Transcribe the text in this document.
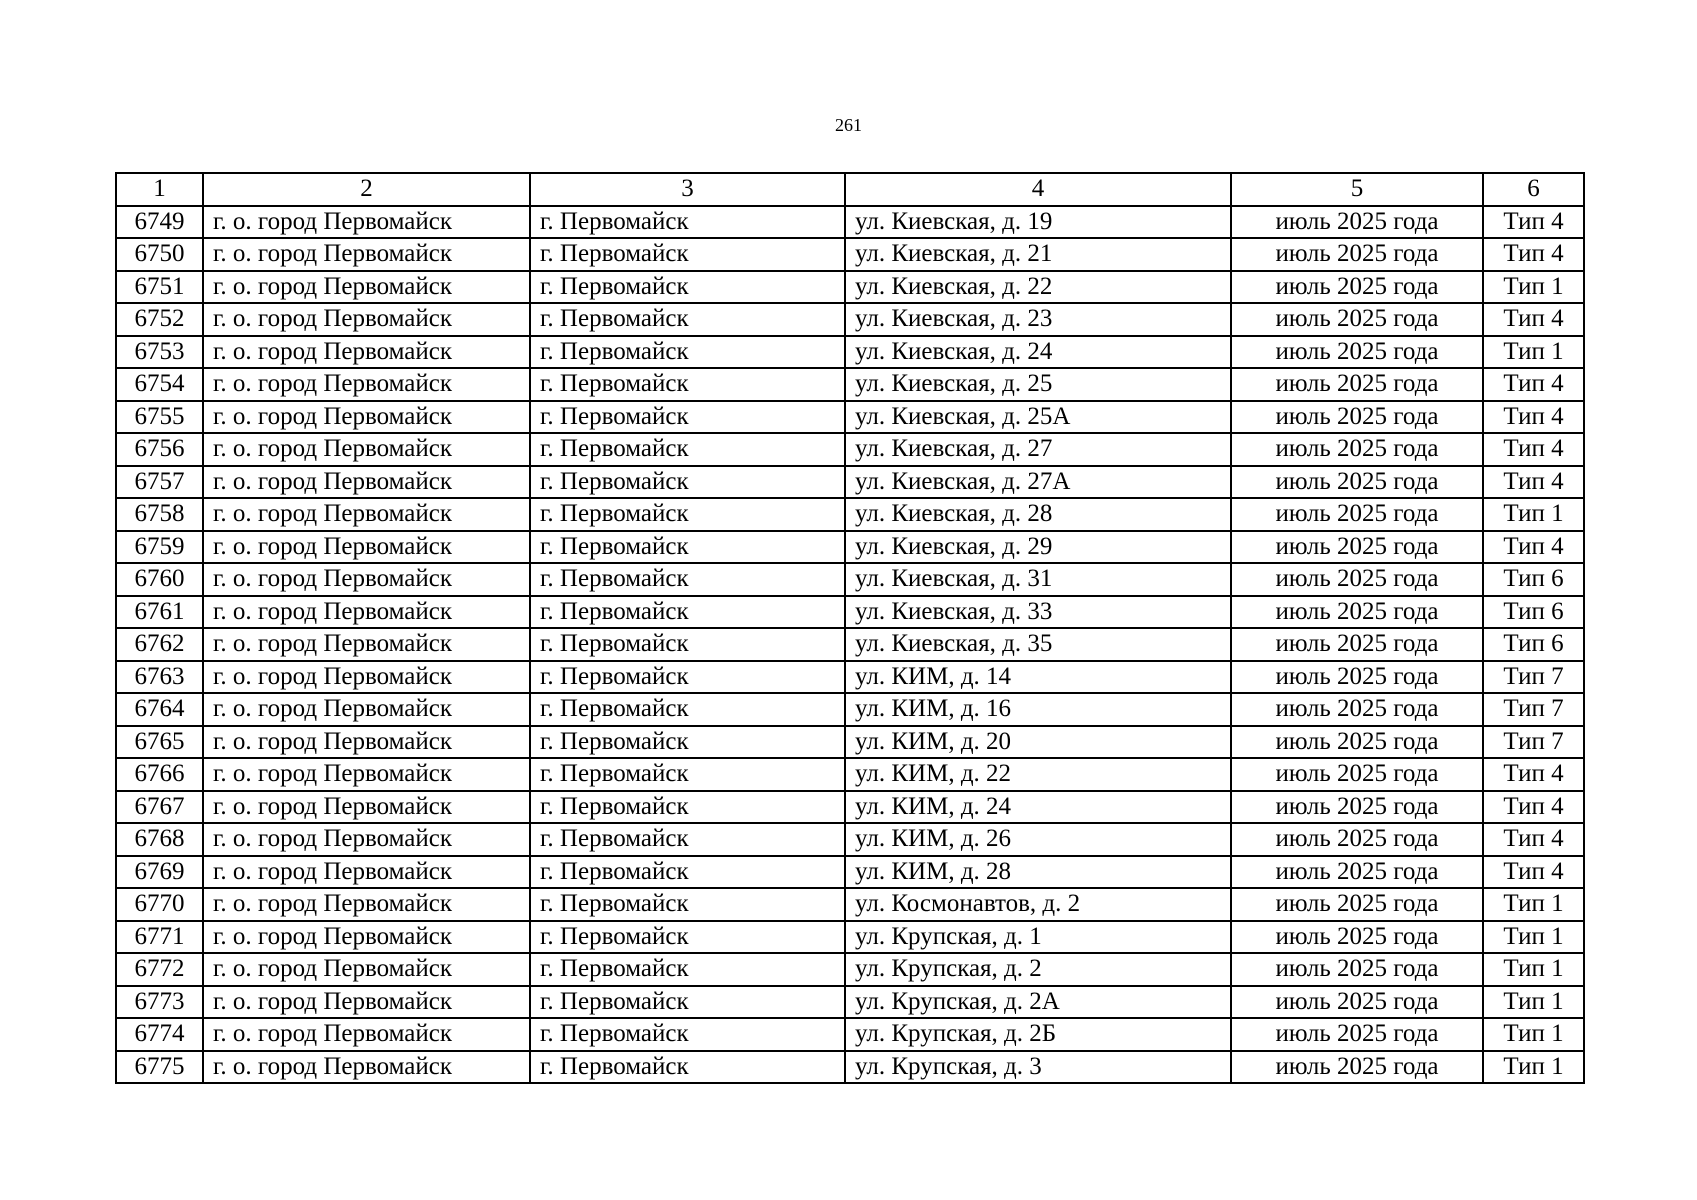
261
1	2	3	4	5	6
6749	г. о. город Первомайск	г. Первомайск	ул. Киевская, д. 19	июль 2025 года	Тип 4
6750	г. о. город Первомайск	г. Первомайск	ул. Киевская, д. 21	июль 2025 года	Тип 4
6751	г. о. город Первомайск	г. Первомайск	ул. Киевская, д. 22	июль 2025 года	Тип 1
6752	г. о. город Первомайск	г. Первомайск	ул. Киевская, д. 23	июль 2025 года	Тип 4
6753	г. о. город Первомайск	г. Первомайск	ул. Киевская, д. 24	июль 2025 года	Тип 1
6754	г. о. город Первомайск	г. Первомайск	ул. Киевская, д. 25	июль 2025 года	Тип 4
6755	г. о. город Первомайск	г. Первомайск	ул. Киевская, д. 25А	июль 2025 года	Тип 4
6756	г. о. город Первомайск	г. Первомайск	ул. Киевская, д. 27	июль 2025 года	Тип 4
6757	г. о. город Первомайск	г. Первомайск	ул. Киевская, д. 27А	июль 2025 года	Тип 4
6758	г. о. город Первомайск	г. Первомайск	ул. Киевская, д. 28	июль 2025 года	Тип 1
6759	г. о. город Первомайск	г. Первомайск	ул. Киевская, д. 29	июль 2025 года	Тип 4
6760	г. о. город Первомайск	г. Первомайск	ул. Киевская, д. 31	июль 2025 года	Тип 6
6761	г. о. город Первомайск	г. Первомайск	ул. Киевская, д. 33	июль 2025 года	Тип 6
6762	г. о. город Первомайск	г. Первомайск	ул. Киевская, д. 35	июль 2025 года	Тип 6
6763	г. о. город Первомайск	г. Первомайск	ул. КИМ, д. 14	июль 2025 года	Тип 7
6764	г. о. город Первомайск	г. Первомайск	ул. КИМ, д. 16	июль 2025 года	Тип 7
6765	г. о. город Первомайск	г. Первомайск	ул. КИМ, д. 20	июль 2025 года	Тип 7
6766	г. о. город Первомайск	г. Первомайск	ул. КИМ, д. 22	июль 2025 года	Тип 4
6767	г. о. город Первомайск	г. Первомайск	ул. КИМ, д. 24	июль 2025 года	Тип 4
6768	г. о. город Первомайск	г. Первомайск	ул. КИМ, д. 26	июль 2025 года	Тип 4
6769	г. о. город Первомайск	г. Первомайск	ул. КИМ, д. 28	июль 2025 года	Тип 4
6770	г. о. город Первомайск	г. Первомайск	ул. Космонавтов, д. 2	июль 2025 года	Тип 1
6771	г. о. город Первомайск	г. Первомайск	ул. Крупская, д. 1	июль 2025 года	Тип 1
6772	г. о. город Первомайск	г. Первомайск	ул. Крупская, д. 2	июль 2025 года	Тип 1
6773	г. о. город Первомайск	г. Первомайск	ул. Крупская, д. 2А	июль 2025 года	Тип 1
6774	г. о. город Первомайск	г. Первомайск	ул. Крупская, д. 2Б	июль 2025 года	Тип 1
6775	г. о. город Первомайск	г. Первомайск	ул. Крупская, д. 3	июль 2025 года	Тип 1
